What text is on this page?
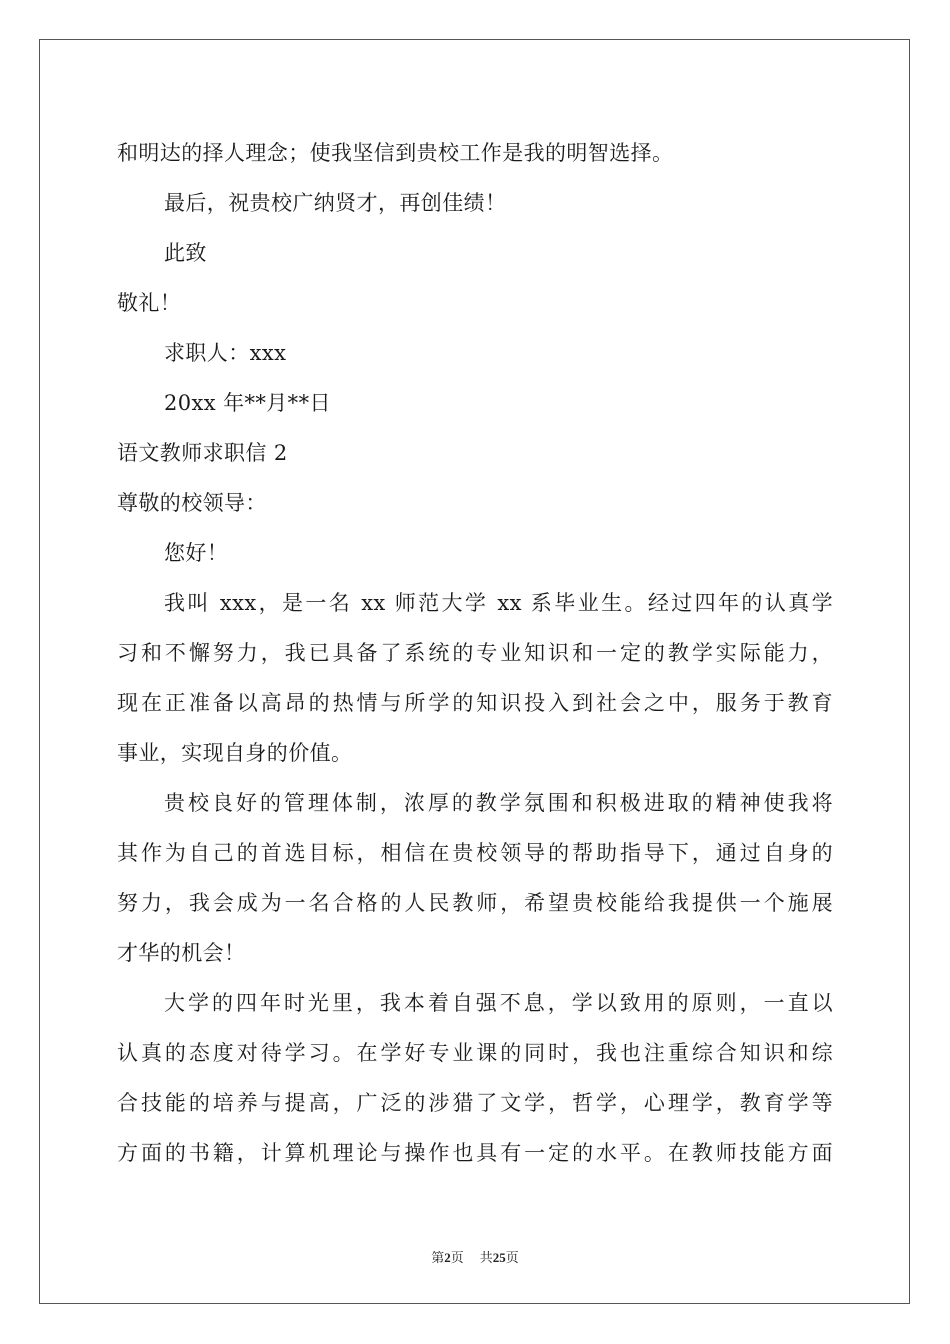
和明达的择人理念；使我坚信到贵校工作是我的明智选择。
最后，祝贵校广纳贤才，再创佳绩！
此致
敬礼！
求职人：xxx
20xx 年**月**日
语文教师求职信 2
尊敬的校领导：
您好！
我叫 xxx，是一名 xx 师范大学 xx 系毕业生。经过四年的认真学
习和不懈努力，我已具备了系统的专业知识和一定的教学实际能力，
现在正准备以高昂的热情与所学的知识投入到社会之中，服务于教育
事业，实现自身的价值。
贵校良好的管理体制，浓厚的教学氛围和积极进取的精神使我将
其作为自己的首选目标，相信在贵校领导的帮助指导下，通过自身的
努力，我会成为一名合格的人民教师，希望贵校能给我提供一个施展
才华的机会！
大学的四年时光里，我本着自强不息，学以致用的原则，一直以
认真的态度对待学习。在学好专业课的同时，我也注重综合知识和综
合技能的培养与提高，广泛的涉猎了文学，哲学，心理学，教育学等
方面的书籍，计算机理论与操作也具有一定的水平。在教师技能方面
第2页 共25页
